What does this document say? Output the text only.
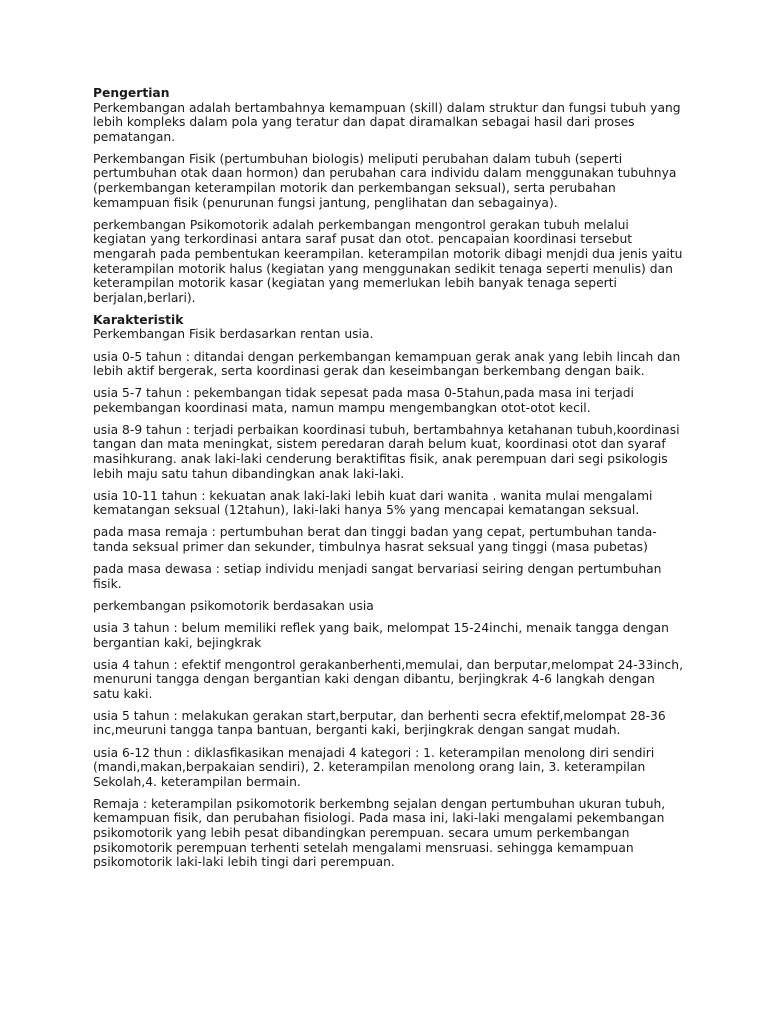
Pengertian

Perkembangan adalah bertambahnya kemampuan (skill) dalam struktur dan fungsi tubuh yang lebih kompleks dalam pola yang teratur dan dapat diramalkan sebagai hasil dari proses pematangan.

Perkembangan Fisik (pertumbuhan biologis) meliputi perubahan dalam tubuh (seperti pertumbuhan otak daan hormon) dan perubahan cara individu dalam menggunakan tubuhnya (perkembangan keterampilan motorik dan perkembangan seksual), serta perubahan kemampuan fisik (penurunan fungsi jantung, penglihatan dan sebagainya).

perkembangan Psikomotorik adalah perkembangan mengontrol gerakan tubuh melalui kegiatan yang terkordinasi antara saraf pusat dan otot. pencapaian koordinasi tersebut mengarah pada pembentukan keerampilan. keterampilan motorik dibagi menjdi dua jenis yaitu keterampilan motorik halus (kegiatan yang menggunakan sedikit tenaga seperti menulis) dan keterampilan motorik kasar (kegiatan yang memerlukan lebih banyak tenaga seperti berjalan,berlari).

Karakteristik

Perkembangan Fisik berdasarkan rentan usia.

usia 0-5 tahun : ditandai dengan perkembangan kemampuan gerak anak yang lebih lincah dan lebih aktif bergerak, serta koordinasi gerak dan keseimbangan berkembang dengan baik.

usia 5-7 tahun : pekembangan tidak sepesat pada masa 0-5tahun,pada masa ini terjadi pekembangan koordinasi mata, namun mampu mengembangkan otot-otot kecil.

usia 8-9 tahun : terjadi perbaikan koordinasi tubuh, bertambahnya ketahanan tubuh,koordinasi tangan dan mata meningkat, sistem peredaran darah belum kuat, koordinasi otot dan syaraf masihkurang. anak laki-laki cenderung beraktifitas fisik, anak perempuan dari segi psikologis lebih maju satu tahun dibandingkan anak laki-laki.

usia 10-11 tahun : kekuatan anak laki-laki lebih kuat dari wanita . wanita mulai mengalami kematangan seksual (12tahun), laki-laki hanya 5% yang mencapai kematangan seksual.

pada masa remaja : pertumbuhan berat dan tinggi badan yang cepat, pertumbuhan tanda-tanda seksual primer dan sekunder, timbulnya hasrat seksual yang tinggi (masa pubetas)

pada masa dewasa : setiap individu menjadi sangat bervariasi seiring dengan pertumbuhan fisik.

perkembangan psikomotorik berdasakan usia

usia 3 tahun : belum memiliki reflek yang baik, melompat 15-24inchi, menaik tangga dengan bergantian kaki, bejingkrak

usia 4 tahun : efektif mengontrol gerakanberhenti,memulai, dan berputar,melompat 24-33inch, menuruni tangga dengan bergantian kaki dengan dibantu, berjingkrak 4-6 langkah dengan satu kaki.

usia 5 tahun : melakukan gerakan start,berputar, dan berhenti secra efektif,melompat 28-36 inc,meuruni tangga tanpa bantuan, berganti kaki, berjingkrak dengan sangat mudah.

usia 6-12 thun : diklasfikasikan menajadi 4 kategori : 1. keterampilan menolong diri sendiri (mandi,makan,berpakaian sendiri), 2. keterampilan menolong orang lain, 3. keterampilan Sekolah,4. keterampilan bermain.

Remaja : keterampilan psikomotorik berkembng sejalan dengan pertumbuhan ukuran tubuh, kemampuan fisik, dan perubahan fisiologi. Pada masa ini, laki-laki mengalami pekembangan psikomotorik yang lebih pesat dibandingkan perempuan. secara umum perkembangan psikomotorik perempuan terhenti setelah mengalami mensruasi. sehingga kemampuan psikomotorik laki-laki lebih tingi dari perempuan.
